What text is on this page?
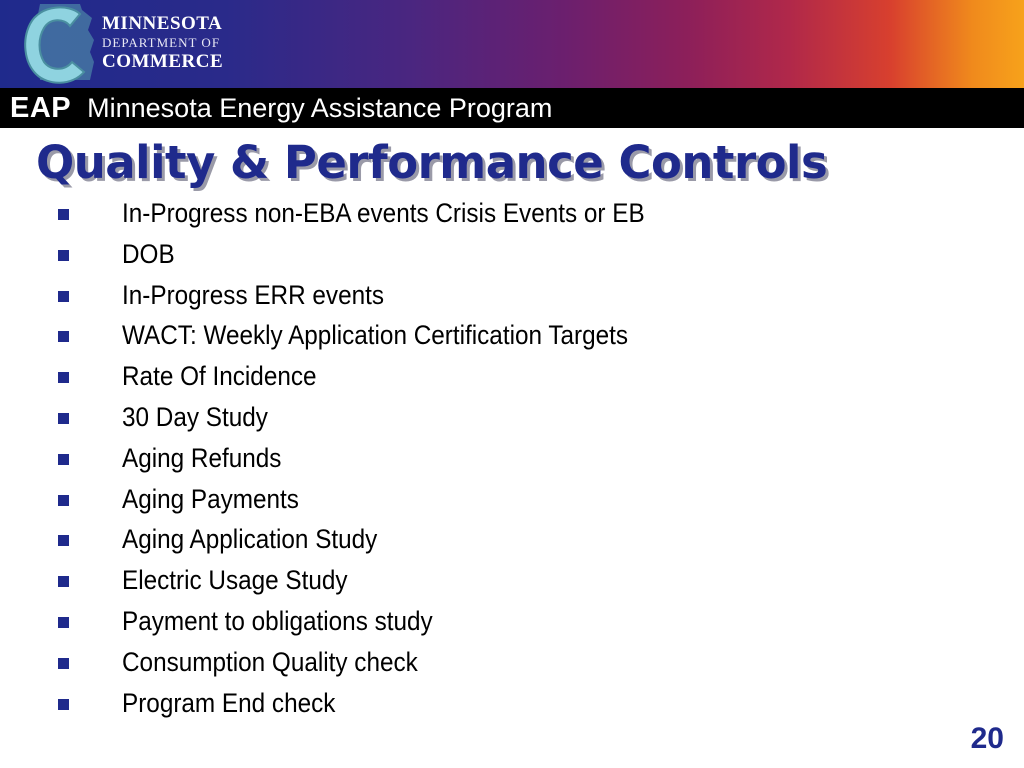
MINNESOTA
DEPARTMENT OF
COMMERCE
EAP Minnesota Energy Assistance Program
Quality & Performance Controls
In-Progress non-EBA events Crisis Events or EB
DOB
In-Progress ERR events
WACT: Weekly Application Certification Targets
Rate Of Incidence
30 Day Study
Aging Refunds
Aging Payments
Aging Application Study
Electric Usage Study
Payment to obligations study
Consumption Quality check
Program End check
20
